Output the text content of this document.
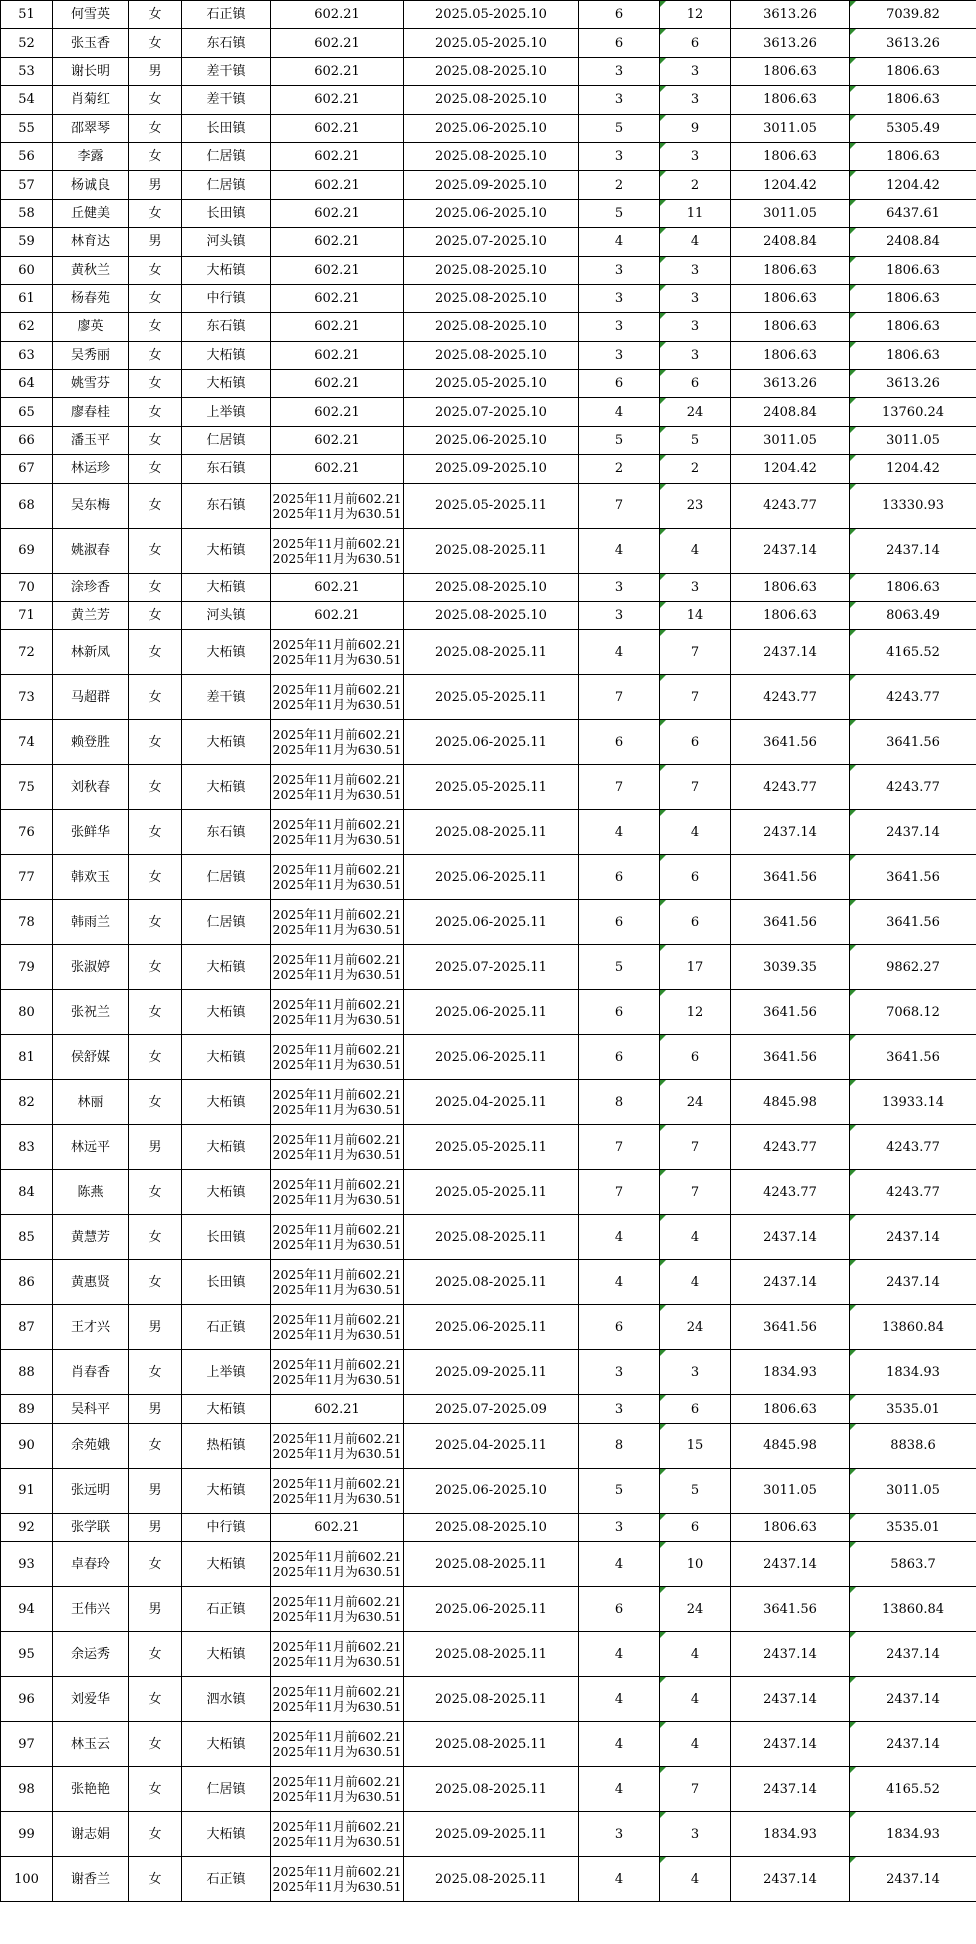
51	何雪英	女	石正镇	602.21	2025.05-2025.10	6	12	3613.26	7039.82
52	张玉香	女	东石镇	602.21	2025.05-2025.10	6	6	3613.26	3613.26
53	谢长明	男	差干镇	602.21	2025.08-2025.10	3	3	1806.63	1806.63
54	肖菊红	女	差干镇	602.21	2025.08-2025.10	3	3	1806.63	1806.63
55	邵翠琴	女	长田镇	602.21	2025.06-2025.10	5	9	3011.05	5305.49
56	李露	女	仁居镇	602.21	2025.08-2025.10	3	3	1806.63	1806.63
57	杨诚良	男	仁居镇	602.21	2025.09-2025.10	2	2	1204.42	1204.42
58	丘健美	女	长田镇	602.21	2025.06-2025.10	5	11	3011.05	6437.61
59	林育达	男	河头镇	602.21	2025.07-2025.10	4	4	2408.84	2408.84
60	黄秋兰	女	大柘镇	602.21	2025.08-2025.10	3	3	1806.63	1806.63
61	杨春苑	女	中行镇	602.21	2025.08-2025.10	3	3	1806.63	1806.63
62	廖英	女	东石镇	602.21	2025.08-2025.10	3	3	1806.63	1806.63
63	吴秀丽	女	大柘镇	602.21	2025.08-2025.10	3	3	1806.63	1806.63
64	姚雪芬	女	大柘镇	602.21	2025.05-2025.10	6	6	3613.26	3613.26
65	廖春桂	女	上举镇	602.21	2025.07-2025.10	4	24	2408.84	13760.24
66	潘玉平	女	仁居镇	602.21	2025.06-2025.10	5	5	3011.05	3011.05
67	林运珍	女	东石镇	602.21	2025.09-2025.10	2	2	1204.42	1204.42
68	吴东梅	女	东石镇	2025年11月前602.21
2025年11月为630.51	2025.05-2025.11	7	23	4243.77	13330.93
69	姚淑春	女	大柘镇	2025年11月前602.21
2025年11月为630.51	2025.08-2025.11	4	4	2437.14	2437.14
70	涂珍香	女	大柘镇	602.21	2025.08-2025.10	3	3	1806.63	1806.63
71	黄兰芳	女	河头镇	602.21	2025.08-2025.10	3	14	1806.63	8063.49
72	林新凤	女	大柘镇	2025年11月前602.21
2025年11月为630.51	2025.08-2025.11	4	7	2437.14	4165.52
73	马超群	女	差干镇	2025年11月前602.21
2025年11月为630.51	2025.05-2025.11	7	7	4243.77	4243.77
74	赖登胜	女	大柘镇	2025年11月前602.21
2025年11月为630.51	2025.06-2025.11	6	6	3641.56	3641.56
75	刘秋春	女	大柘镇	2025年11月前602.21
2025年11月为630.51	2025.05-2025.11	7	7	4243.77	4243.77
76	张鲜华	女	东石镇	2025年11月前602.21
2025年11月为630.51	2025.08-2025.11	4	4	2437.14	2437.14
77	韩欢玉	女	仁居镇	2025年11月前602.21
2025年11月为630.51	2025.06-2025.11	6	6	3641.56	3641.56
78	韩雨兰	女	仁居镇	2025年11月前602.21
2025年11月为630.51	2025.06-2025.11	6	6	3641.56	3641.56
79	张淑婷	女	大柘镇	2025年11月前602.21
2025年11月为630.51	2025.07-2025.11	5	17	3039.35	9862.27
80	张祝兰	女	大柘镇	2025年11月前602.21
2025年11月为630.51	2025.06-2025.11	6	12	3641.56	7068.12
81	侯舒媒	女	大柘镇	2025年11月前602.21
2025年11月为630.51	2025.06-2025.11	6	6	3641.56	3641.56
82	林丽	女	大柘镇	2025年11月前602.21
2025年11月为630.51	2025.04-2025.11	8	24	4845.98	13933.14
83	林远平	男	大柘镇	2025年11月前602.21
2025年11月为630.51	2025.05-2025.11	7	7	4243.77	4243.77
84	陈燕	女	大柘镇	2025年11月前602.21
2025年11月为630.51	2025.05-2025.11	7	7	4243.77	4243.77
85	黄慧芳	女	长田镇	2025年11月前602.21
2025年11月为630.51	2025.08-2025.11	4	4	2437.14	2437.14
86	黄惠贤	女	长田镇	2025年11月前602.21
2025年11月为630.51	2025.08-2025.11	4	4	2437.14	2437.14
87	王才兴	男	石正镇	2025年11月前602.21
2025年11月为630.51	2025.06-2025.11	6	24	3641.56	13860.84
88	肖春香	女	上举镇	2025年11月前602.21
2025年11月为630.51	2025.09-2025.11	3	3	1834.93	1834.93
89	吴科平	男	大柘镇	602.21	2025.07-2025.09	3	6	1806.63	3535.01
90	余苑娥	女	热柘镇	2025年11月前602.21
2025年11月为630.51	2025.04-2025.11	8	15	4845.98	8838.6
91	张远明	男	大柘镇	2025年11月前602.21
2025年11月为630.51	2025.06-2025.10	5	5	3011.05	3011.05
92	张学联	男	中行镇	602.21	2025.08-2025.10	3	6	1806.63	3535.01
93	卓春玲	女	大柘镇	2025年11月前602.21
2025年11月为630.51	2025.08-2025.11	4	10	2437.14	5863.7
94	王伟兴	男	石正镇	2025年11月前602.21
2025年11月为630.51	2025.06-2025.11	6	24	3641.56	13860.84
95	余运秀	女	大柘镇	2025年11月前602.21
2025年11月为630.51	2025.08-2025.11	4	4	2437.14	2437.14
96	刘爱华	女	泗水镇	2025年11月前602.21
2025年11月为630.51	2025.08-2025.11	4	4	2437.14	2437.14
97	林玉云	女	大柘镇	2025年11月前602.21
2025年11月为630.51	2025.08-2025.11	4	4	2437.14	2437.14
98	张艳艳	女	仁居镇	2025年11月前602.21
2025年11月为630.51	2025.08-2025.11	4	7	2437.14	4165.52
99	谢志娟	女	大柘镇	2025年11月前602.21
2025年11月为630.51	2025.09-2025.11	3	3	1834.93	1834.93
100	谢香兰	女	石正镇	2025年11月前602.21
2025年11月为630.51	2025.08-2025.11	4	4	2437.14	2437.14
